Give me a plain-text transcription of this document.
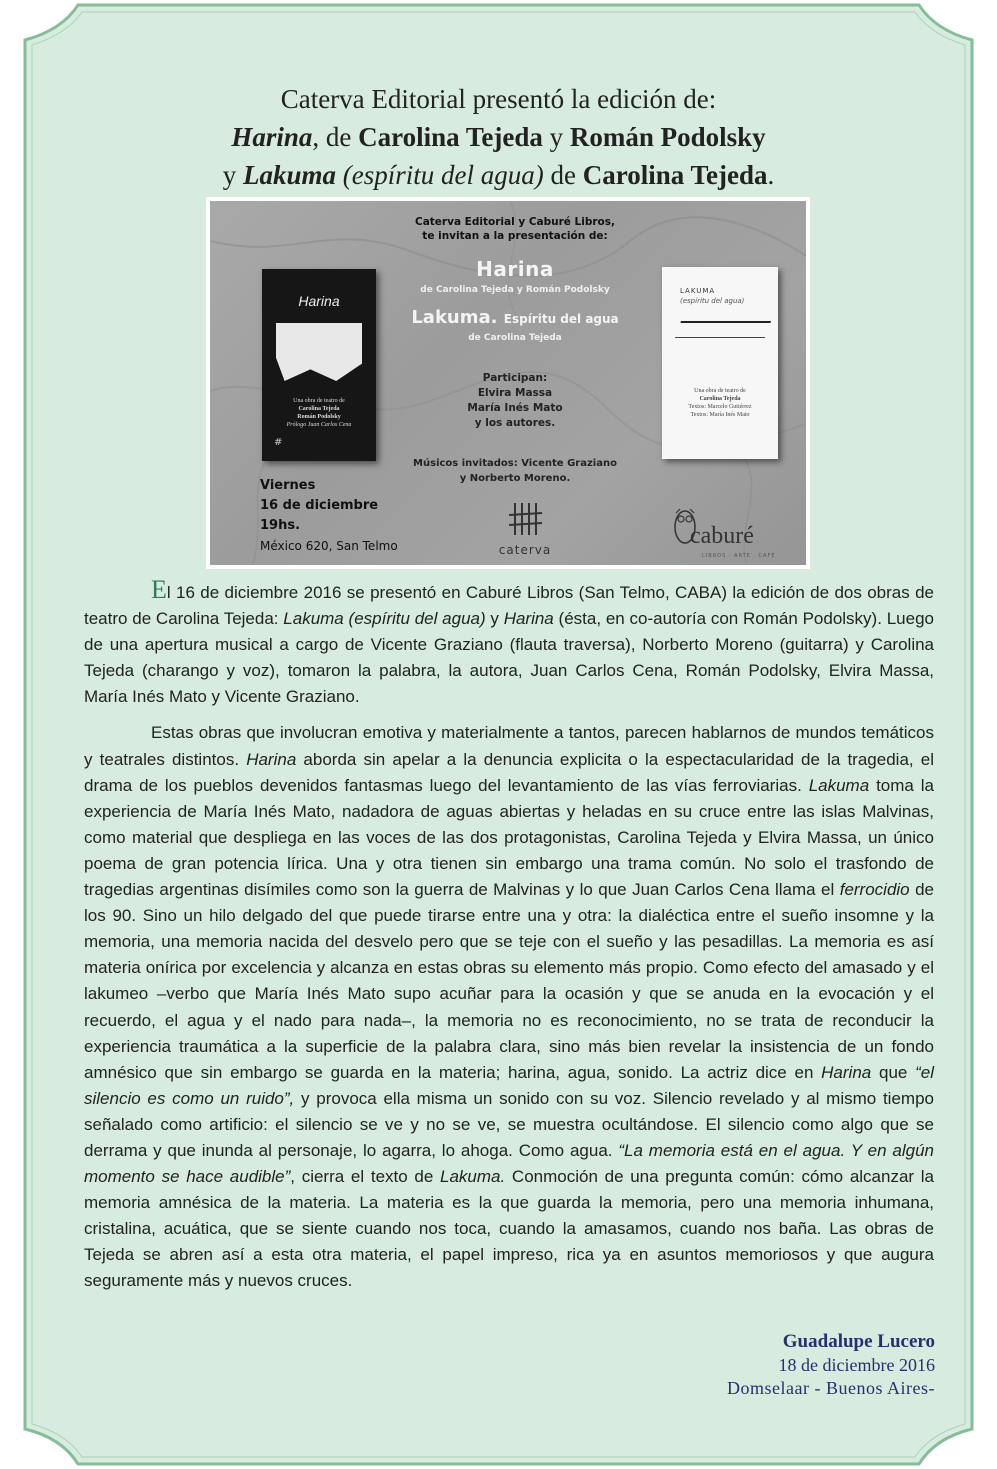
Caterva Editorial presentó la edición de:

Harina, de Carolina Tejeda y Román Podolsky

y Lakuma (espíritu del agua) de Carolina Tejeda.

Harina
Una obra de teatro de
Carolina Tejeda
Román Podolsky
Prólogo Juan Carlos Cena
#
LAKUMA
(espíritu del agua)
Una obra de teatro de
Carolina Tejeda
Textos: Marcelo Gutiérrez
Textos: María Inés Mato
Caterva Editorial y Caburé Libros,
te invitan a la presentación de:
Harina
de Carolina Tejeda y Román Podolsky
Lakuma. Espíritu del agua
de Carolina Tejeda
Participan:
Elvira Massa
María Inés Mato
y los autores.
Músicos invitados: Vicente Graziano
y Norberto Moreno.
Viernes
16 de diciembre
19hs.
México 620, San Telmo	caterva
caburé
LIBROS · ARTE · CAFÉ

El 16 de diciembre 2016 se presentó en Caburé Libros (San Telmo, CABA) la edición de dos obras de teatro de Carolina Tejeda: Lakuma (espíritu del agua) y Harina (ésta, en co-autoría con Román Podolsky). Luego de una apertura musical a cargo de Vicente Graziano (flauta traversa), Norberto Moreno (guitarra) y Carolina Tejeda (charango y voz), tomaron la palabra, la autora, Juan Carlos Cena, Román Podolsky, Elvira Massa, María Inés Mato y Vicente Graziano.

Estas obras que involucran emotiva y materialmente a tantos, parecen hablarnos de mundos temáticos y teatrales distintos. Harina aborda sin apelar a la denuncia explicita o la espectacularidad de la tragedia, el drama de los pueblos devenidos fantasmas luego del levantamiento de las vías ferroviarias. Lakuma toma la experiencia de María Inés Mato, nadadora de aguas abiertas y heladas en su cruce entre las islas Malvinas, como material que despliega en las voces de las dos protagonistas, Carolina Tejeda y Elvira Massa, un único poema de gran potencia lírica. Una y otra tienen sin embargo una trama común. No solo el trasfondo de tragedias argentinas disímiles como son la guerra de Malvinas y lo que Juan Carlos Cena llama el ferrocidio de los 90. Sino un hilo delgado del que puede tirarse entre una y otra: la dialéctica entre el sueño insomne y la memoria, una memoria nacida del desvelo pero que se teje con el sueño y las pesadillas. La memoria es así materia onírica por excelencia y alcanza en estas obras su elemento más propio. Como efecto del amasado y el lakumeo –verbo que María Inés Mato supo acuñar para la ocasión y que se anuda en la evocación y el recuerdo, el agua y el nado para nada–, la memoria no es reconocimiento, no se trata de reconducir la experiencia traumática a la superficie de la palabra clara, sino más bien revelar la insistencia de un fondo amnésico que sin embargo se guarda en la materia; harina, agua, sonido. La actriz dice en Harina que “el silencio es como un ruido”, y provoca ella misma un sonido con su voz. Silencio revelado y al mismo tiempo señalado como artificio: el silencio se ve y no se ve, se muestra ocultándose. El silencio como algo que se derrama y que inunda al personaje, lo agarra, lo ahoga. Como agua. “La memoria está en el agua. Y en algún momento se hace audible”, cierra el texto de Lakuma. Conmoción de una pregunta común: cómo alcanzar la memoria amnésica de la materia. La materia es la que guarda la memoria, pero una memoria inhumana, cristalina, acuática, que se siente cuando nos toca, cuando la amasamos, cuando nos baña. Las obras de Tejeda se abren así a esta otra materia, el papel impreso, rica ya en asuntos memoriosos y que augura seguramente más y nuevos cruces.

Guadalupe Lucero
18 de diciembre 2016
Domselaar - Buenos Aires-
